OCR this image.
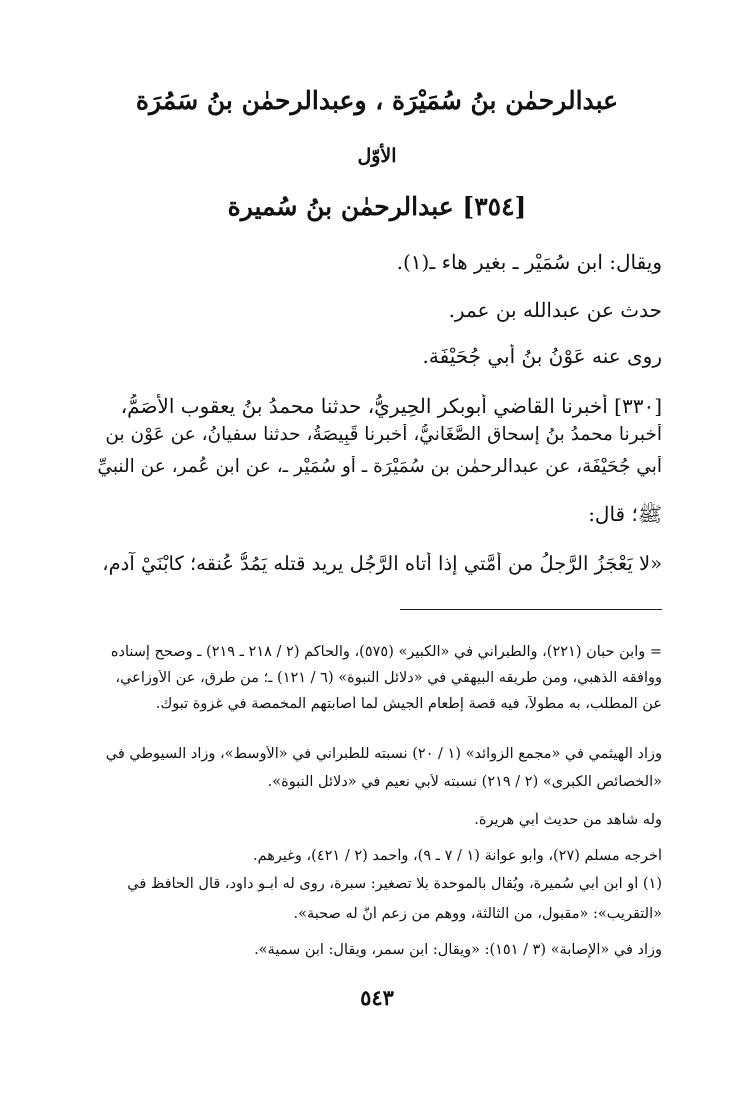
عبدالرحمٰن بنُ سُمَيْرَة ، وعبدالرحمٰن بنُ سَمُرَة
الأوّل
[٣٥٤] عبدالرحمٰن بنُ سُميرة
ويقال: ابن سُمَيْر ـ بغير هاء ـ(١).
حدث عن عبدالله بن عمر.
روى عنه عَوْنُ بنُ أبي جُحَيْفَة.
[٣٣٠] أخبرنا القاضي أبوبكر الحِيريُّ، حدثنا محمدُ بنُ يعقوب الأصَمُّ،
أخبرنا محمدُ بنُ إسحاق الصَّغَانيُّ، أخبرنا قَبِيصَةُ، حدثنا سفيانُ، عن عَوْن بن
أبي جُحَيْفَة، عن عبدالرحمٰن بن سُمَيْرَة ـ أو سُمَيْر ـ، عن ابن عُمر، عن النبيِّ
ﷺ؛ قال:
«لا يَعْجَزُ الرَّجلُ من أُمَّتي إذا أتاه الرَّجُل يريد قتله يَمُدُّ عُنقه؛ كابْنَيْ آدم،
= وابن حبان (٢٢١)، والطبراني في «الكبير» (٥٧٥)، والحاكم (٢ / ٢١٨ ـ ٢١٩) ـ وصحح إسناده
ووافقه الذهبي، ومن طريقه البيهقي في «دلائل النبوة» (٦ / ١٢١) ـ؛ من طرق، عن الأوزاعي،
عن المطلب، به مطولاً، فيه قصة إطعام الجيش لما أصابتهم المخمصة في غزوة تبوك.
وزاد الهيثمي في «مجمع الزوائد» (١ / ٢٠) نسبته للطبراني في «الأوسط»، وزاد السيوطي في
«الخصائص الكبرى» (٢ / ٢١٩) نسبته لأبي نعيم في «دلائل النبوة».
وله شاهد من حديث أبي هريرة.
أخرجه مسلم (٢٧)، وأبو عوانة (١ / ٧ ـ ٩)، وأحمد (٢ / ٤٢١)، وغيرهم.
(١) أو ابن أبي سُميرة، ويُقال بالموحدة بلا تصغير: سبرة، روى له أبـو داود، قال الحافظ في
«التقريب»: «مقبول، من الثالثة، ووهم من زعم أنَّ له صحبة».
وزاد في «الإصابة» (٣ / ١٥١): «ويقال: ابن سمر، ويقال: ابن سمية».
٥٤٣
